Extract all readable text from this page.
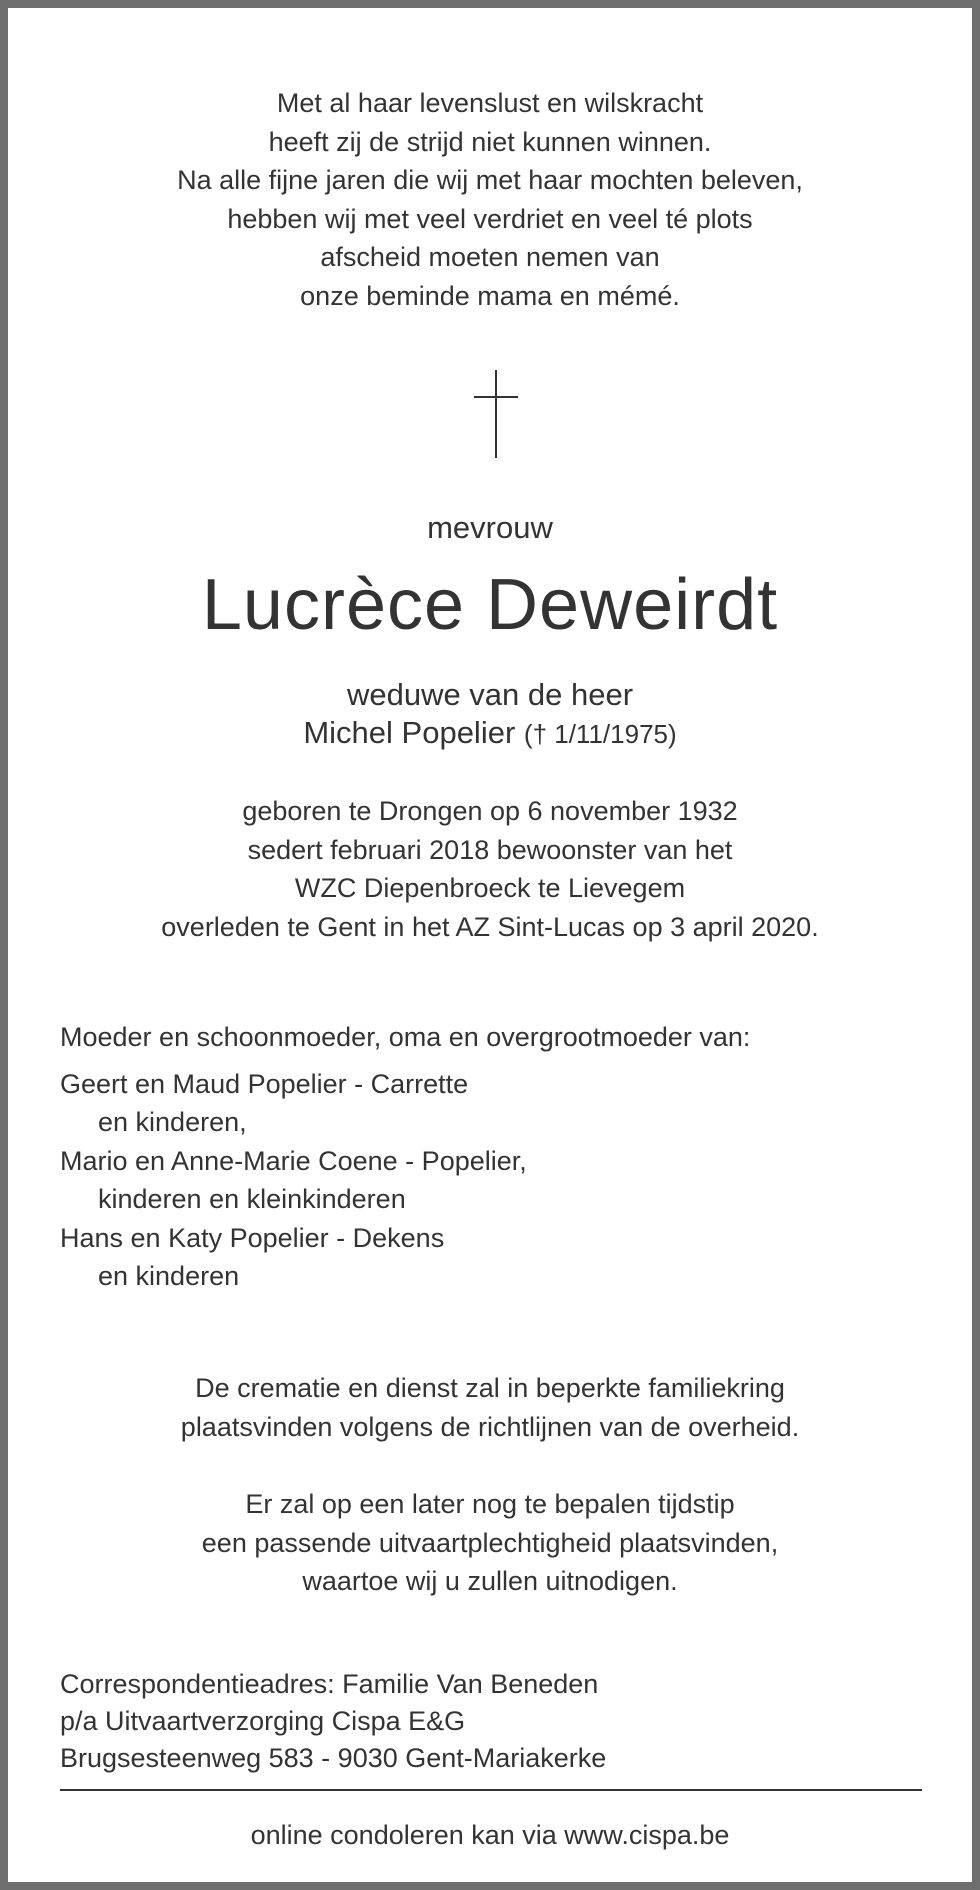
Met al haar levenslust en wilskracht
heeft zij de strijd niet kunnen winnen.
Na alle fijne jaren die wij met haar mochten beleven,
hebben wij met veel verdriet en veel té plots
afscheid moeten nemen van
onze beminde mama en mémé.
mevrouw
Lucrèce Deweirdt
weduwe van de heer
Michel Popelier († 1/11/1975)
geboren te Drongen op 6 november 1932
sedert februari 2018 bewoonster van het
WZC Diepenbroeck te Lievegem
overleden te Gent in het AZ Sint-Lucas op 3 april 2020.
Moeder en schoonmoeder, oma en overgrootmoeder van:
Geert en Maud Popelier - Carrette
en kinderen,
Mario en Anne-Marie Coene - Popelier,
kinderen en kleinkinderen
Hans en Katy Popelier - Dekens
en kinderen
De crematie en dienst zal in beperkte familiekring
plaatsvinden volgens de richtlijnen van de overheid.
Er zal op een later nog te bepalen tijdstip
een passende uitvaartplechtigheid plaatsvinden,
waartoe wij u zullen uitnodigen.
Correspondentieadres: Familie Van Beneden
p/a Uitvaartverzorging Cispa E&G
Brugsesteenweg 583 - 9030 Gent-Mariakerke
online condoleren kan via www.cispa.be
